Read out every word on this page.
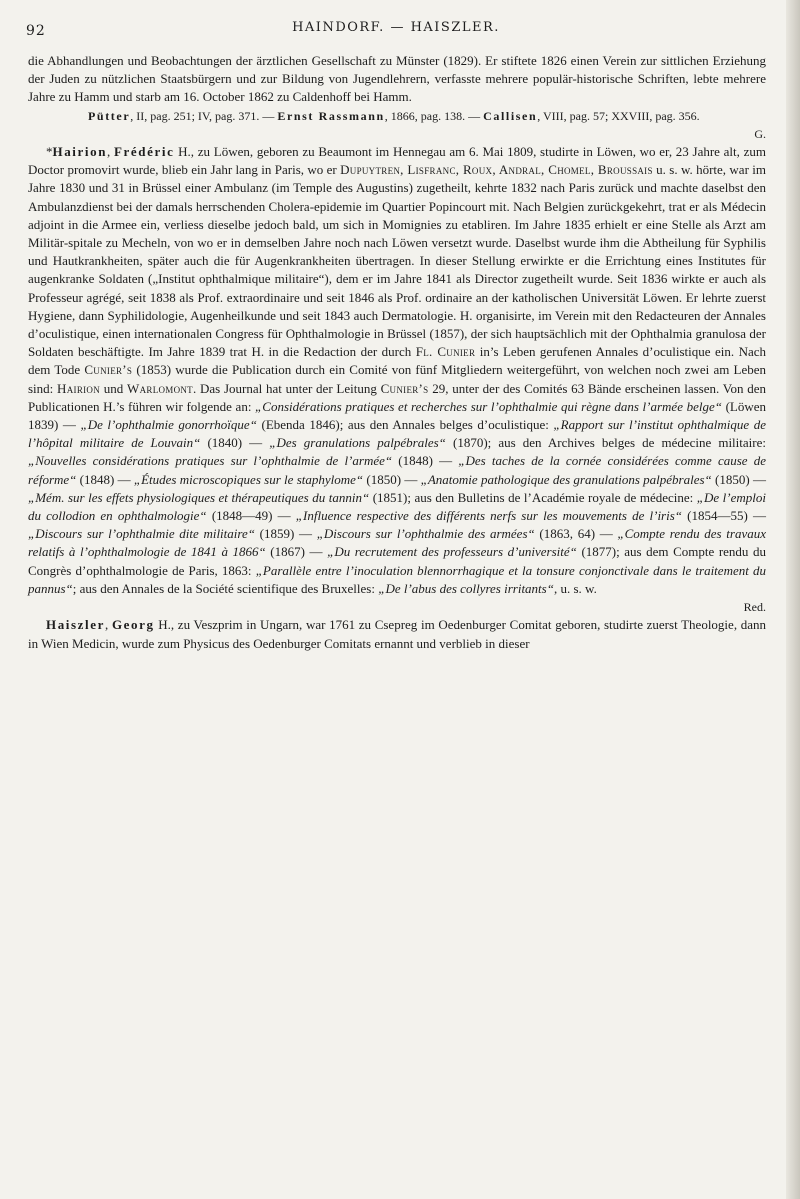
92	HAINDORF. — HAISZLER.

die Abhandlungen und Beobachtungen der ärztlichen Gesellschaft zu Münster (1829). Er stiftete 1826 einen Verein zur sittlichen Erziehung der Juden zu nützlichen Staatsbürgern und zur Bildung von Jugendlehrern, verfasste mehrere populär-historische Schriften, lebte mehrere Jahre zu Hamm und starb am 16. October 1862 zu Caldenhoff bei Hamm.

Pütter, II, pag. 251; IV, pag. 371. — Ernst Rassmann, 1866, pag. 138. — Callisen, VIII, pag. 57; XXVIII, pag. 356.

G.

*Hairion, Frédéric H., zu Löwen, geboren zu Beaumont im Hennegau am 6. Mai 1809, studirte in Löwen, wo er, 23 Jahre alt, zum Doctor promovirt wurde, blieb ein Jahr lang in Paris, wo er Dupuytren, Lisfranc, Roux, Andral, Chomel, Broussais u. s. w. hörte, war im Jahre 1830 und 31 in Brüssel einer Ambulanz (im Temple des Augustins) zugetheilt, kehrte 1832 nach Paris zurück und machte daselbst den Ambulanzdienst bei der damals herrschenden Cholera-epidemie im Quartier Popincourt mit. Nach Belgien zurückgekehrt, trat er als Médecin adjoint in die Armee ein, verliess dieselbe jedoch bald, um sich in Momignies zu etabliren. Im Jahre 1835 erhielt er eine Stelle als Arzt am Militär-spitale zu Mecheln, von wo er in demselben Jahre noch nach Löwen versetzt wurde. Daselbst wurde ihm die Abtheilung für Syphilis und Hautkrankheiten, später auch die für Augenkrankheiten übertragen. In dieser Stellung erwirkte er die Errichtung eines Institutes für augenkranke Soldaten („Institut ophthalmique militaire“), dem er im Jahre 1841 als Director zugetheilt wurde. Seit 1836 wirkte er auch als Professeur agrégé, seit 1838 als Prof. extraordinaire und seit 1846 als Prof. ordinaire an der katholischen Universität Löwen. Er lehrte zuerst Hygiene, dann Syphilidologie, Augenheilkunde und seit 1843 auch Dermatologie. H. organisirte, im Verein mit den Redacteuren der Annales d’oculistique, einen internationalen Congress für Ophthalmologie in Brüssel (1857), der sich hauptsächlich mit der Ophthalmia granulosa der Soldaten beschäftigte. Im Jahre 1839 trat H. in die Redaction der durch Fl. Cunier in’s Leben gerufenen Annales d’oculistique ein. Nach dem Tode Cunier’s (1853) wurde die Publication durch ein Comité von fünf Mitgliedern weitergeführt, von welchen noch zwei am Leben sind: Hairion und Warlomont. Das Journal hat unter der Leitung Cunier’s 29, unter der des Comités 63 Bände erscheinen lassen. Von den Publicationen H.’s führen wir folgende an: „Considérations pratiques et recherches sur l’ophthalmie qui règne dans l’armée belge“ (Löwen 1839) — „De l’ophthalmie gonorrhoïque“ (Ebenda 1846); aus den Annales belges d’oculistique: „Rapport sur l’institut ophthalmique de l’hôpital militaire de Louvain“ (1840) — „Des granulations palpébrales“ (1870); aus den Archives belges de médecine militaire: „Nouvelles considérations pratiques sur l’ophthalmie de l’armée“ (1848) — „Des taches de la cornée considérées comme cause de réforme“ (1848) — „Études microscopiques sur le staphylome“ (1850) — „Anatomie pathologique des granulations palpébrales“ (1850) — „Mém. sur les effets physiologiques et thérapeutiques du tannin“ (1851); aus den Bulletins de l’Académie royale de médecine: „De l’emploi du collodion en ophthalmologie“ (1848—49) — „Influence respective des différents nerfs sur les mouvements de l’iris“ (1854—55) — „Discours sur l’ophthalmie dite militaire“ (1859) — „Discours sur l’ophthalmie des armées“ (1863, 64) — „Compte rendu des travaux relatifs à l’ophthalmologie de 1841 à 1866“ (1867) — „Du recrutement des professeurs d’université“ (1877); aus dem Compte rendu du Congrès d’ophthalmologie de Paris, 1863: „Parallèle entre l’inoculation blennorrhagique et la tonsure conjonctivale dans le traitement du pannus“; aus den Annales de la Société scientifique des Bruxelles: „De l’abus des collyres irritants“, u. s. w.

Red.

Haiszler, Georg H., zu Veszprim in Ungarn, war 1761 zu Csepreg im Oedenburger Comitat geboren, studirte zuerst Theologie, dann in Wien Medicin, wurde zum Physicus des Oedenburger Comitats ernannt und verblieb in dieser
